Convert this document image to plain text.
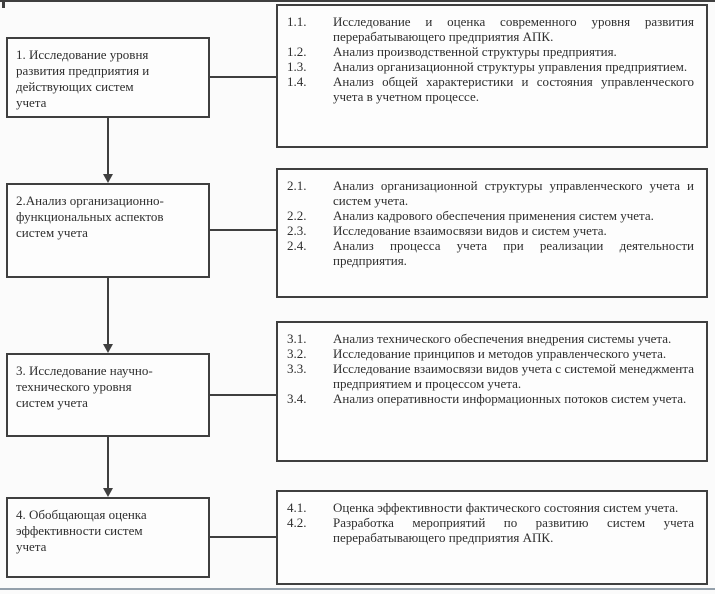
1. Исследование уровня развития предприятия и действующих систем учета
1.1.	Исследование и оценка современного уровня развития перерабатывающего предприятия АПК.
1.2.	Анализ производственной структуры предприятия.
1.3.	Анализ организационной структуры управления предприятием.
1.4.	Анализ общей характеристики и состояния управленческого учета в учетном процессе.
2.Анализ организационно-функциональных аспектов систем учета
2.1.	Анализ организационной структуры управленческого учета и систем учета.
2.2.	Анализ кадрового обеспечения применения систем учета.
2.3.	Исследование взаимосвязи видов и систем учета.
2.4.	Анализ процесса учета при реализации деятельности предприятия.
3. Исследование научно-технического уровня систем учета
3.1.	Анализ технического обеспечения внедрения системы учета.
3.2.	Исследование принципов и методов управленческого учета.
3.3.	Исследование взаимосвязи видов учета с системой менеджмента предприятием и процессом учета.
3.4.	Анализ оперативности информационных потоков систем учета.
4. Обобщающая оценка эффективности систем учета
4.1.	Оценка эффективности фактического состояния систем учета.
4.2.	Разработка мероприятий по развитию систем учета перерабатывающего предприятия АПК.
